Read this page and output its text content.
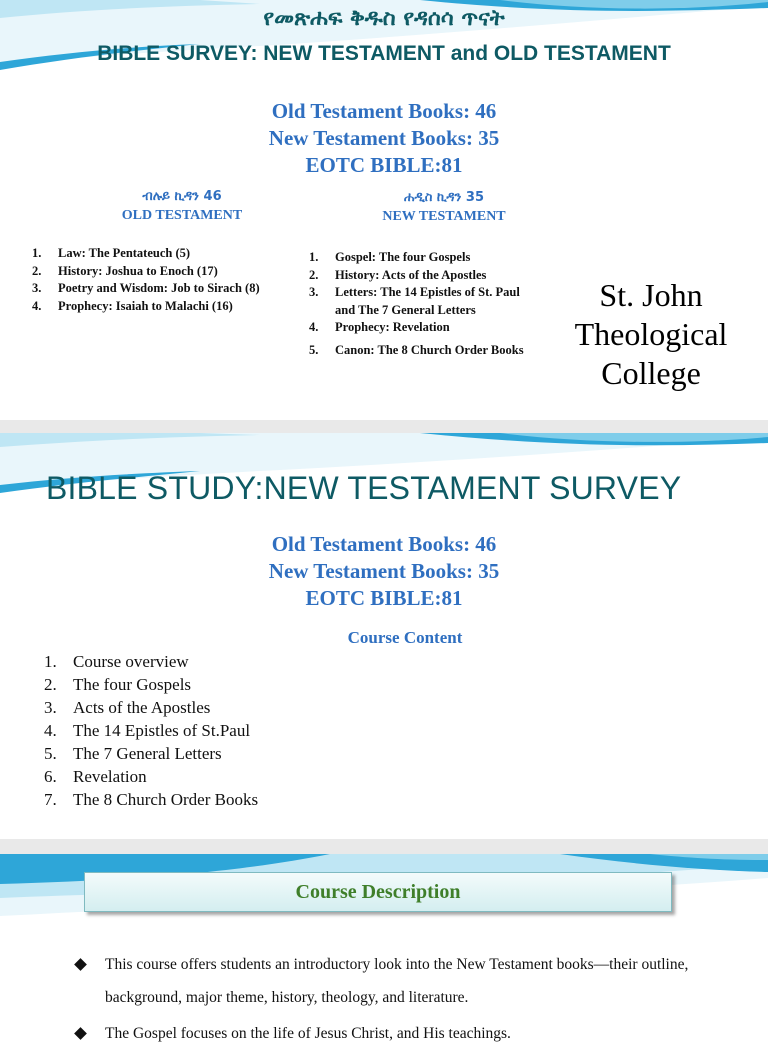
የመጽሐፍ ቅዱስ የዳሰሳ ጥናት
BIBLE SURVEY: NEW TESTAMENT and OLD TESTAMENT
Old Testament Books: 46
New Testament Books: 35
EOTC BIBLE:81
ብሉይ ኪዳን 46
OLD TESTAMENT
ሐዲስ ኪዳን 35
NEW TESTAMENT
1. Law: The Pentateuch (5)
2. History: Joshua to Enoch (17)
3. Poetry and Wisdom: Job to Sirach (8)
4. Prophecy: Isaiah to Malachi (16)
1. Gospel: The four Gospels
2. History: Acts of the Apostles
3. Letters: The 14 Epistles of St. Paul and The 7 General Letters
4. Prophecy: Revelation
5. Canon: The 8 Church Order Books
St. John
Theological
College
BIBLE STUDY:NEW TESTAMENT SURVEY
Old Testament Books: 46
New Testament Books: 35
EOTC BIBLE:81
Course Content
1. Course overview
2. The four Gospels
3. Acts of the Apostles
4. The 14 Epistles of St.Paul
5. The 7 General Letters
6. Revelation
7. The 8 Church Order Books
Course Description
This course offers students an introductory look into the New Testament books—their outline, background, major theme, history, theology, and literature.
The Gospel focuses on the life of Jesus Christ, and His teachings.
